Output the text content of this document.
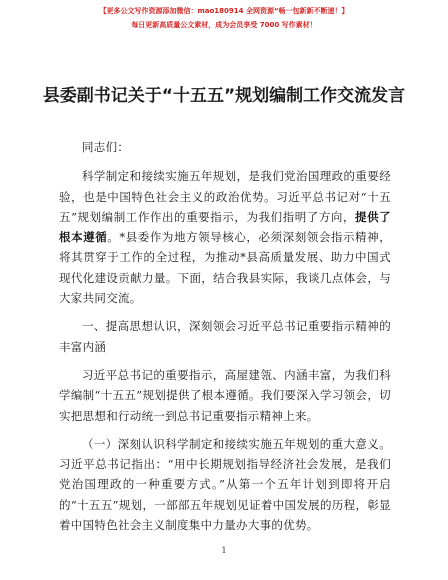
【更多公文写作资源添加微信：mao180914 全网资源“畅一包新新不断递！】
每日更新高质量公文素材，成为会员享受 7000 写作素材！
县委副书记关于“十五五”规划编制工作交流发言

同志们：

科学制定和接续实施五年规划，是我们党治国理政的重要经验，也是中国特色社会主义的政治优势。习近平总书记对“十五五”规划编制工作作出的重要指示，为我们指明了方向，提供了根本遵循。*县委作为地方领导核心，必须深刻领会指示精神，将其贯穿于工作的全过程，为推动*县高质量发展、助力中国式现代化建设贡献力量。下面，结合我县实际，我谈几点体会，与大家共同交流。

一、提高思想认识，深刻领会习近平总书记重要指示精神的丰富内涵

习近平总书记的重要指示，高屋建瓴、内涵丰富，为我们科学编制“十五五”规划提供了根本遵循。我们要深入学习领会，切实把思想和行动统一到总书记重要指示精神上来。

（一）深刻认识科学制定和接续实施五年规划的重大意义。习近平总书记指出：“用中长期规划指导经济社会发展，是我们党治国理政的一种重要方式。”从第一个五年计划到即将开启的“十五五”规划，一部部五年规划见证着中国发展的历程，彰显着中国特色社会主义制度集中力量办大事的优势。

1
